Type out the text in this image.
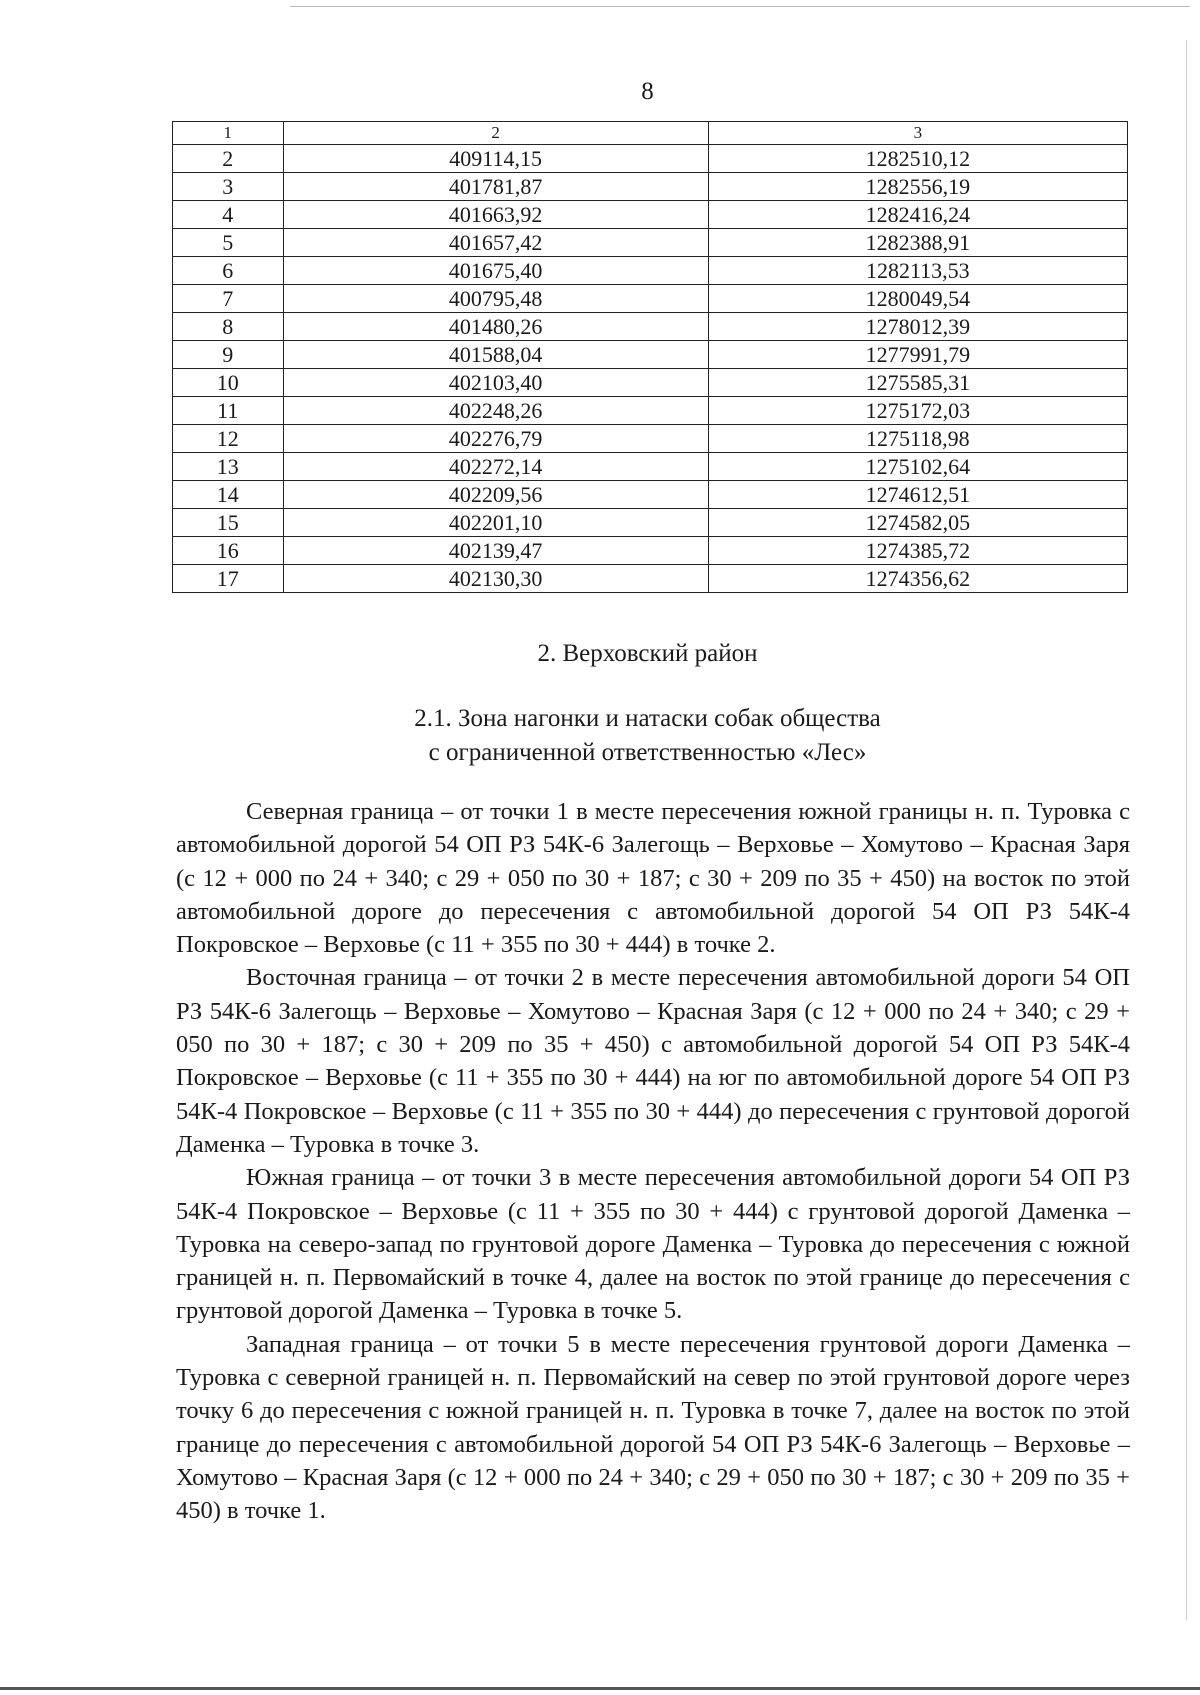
8
1	2	3
2	409114,15	1282510,12
3	401781,87	1282556,19
4	401663,92	1282416,24
5	401657,42	1282388,91
6	401675,40	1282113,53
7	400795,48	1280049,54
8	401480,26	1278012,39
9	401588,04	1277991,79
10	402103,40	1275585,31
11	402248,26	1275172,03
12	402276,79	1275118,98
13	402272,14	1275102,64
14	402209,56	1274612,51
15	402201,10	1274582,05
16	402139,47	1274385,72
17	402130,30	1274356,62
2. Верховский район
2.1. Зона нагонки и натаски собак общества
с ограниченной ответственностью «Лес»

Северная граница – от точки 1 в месте пересечения южной границы н. п. Туровка с автомобильной дорогой 54 ОП РЗ 54К-6 Залегощь – Верховье – Хомутово – Красная Заря (с 12 + 000 по 24 + 340; с 29 + 050 по 30 + 187; с 30 + 209 по 35 + 450) на восток по этой автомобильной дороге до пересечения с автомобильной дорогой 54 ОП РЗ 54К-4 Покровское – Верховье (с 11 + 355 по 30 + 444) в точке 2.

Восточная граница – от точки 2 в месте пересечения автомобильной дороги 54 ОП РЗ 54К-6 Залегощь – Верховье – Хомутово – Красная Заря (с 12 + 000 по 24 + 340; с 29 + 050 по 30 + 187; с 30 + 209 по 35 + 450) с автомобильной дорогой 54 ОП РЗ 54К-4 Покровское – Верховье (с 11 + 355 по 30 + 444) на юг по автомобильной дороге 54 ОП РЗ 54К-4 Покровское – Верховье (с 11 + 355 по 30 + 444) до пересечения с грунтовой дорогой Даменка – Туровка в точке 3.

Южная граница – от точки 3 в месте пересечения автомобильной дороги 54 ОП РЗ 54К-4 Покровское – Верховье (с 11 + 355 по 30 + 444) с грунтовой дорогой Даменка – Туровка на северо-запад по грунтовой дороге Даменка – Туровка до пересечения с южной границей н. п. Первомайский в точке 4, далее на восток по этой границе до пересечения с грунтовой дорогой Даменка – Туровка в точке 5.

Западная граница – от точки 5 в месте пересечения грунтовой дороги Даменка – Туровка с северной границей н. п. Первомайский на север по этой грунтовой дороге через точку 6 до пересечения с южной границей н. п. Туровка в точке 7, далее на восток по этой границе до пересечения с автомобильной дорогой 54 ОП РЗ 54К-6 Залегощь – Верховье – Хомутово – Красная Заря (с 12 + 000 по 24 + 340; с 29 + 050 по 30 + 187; с 30 + 209 по 35 + 450) в точке 1.
